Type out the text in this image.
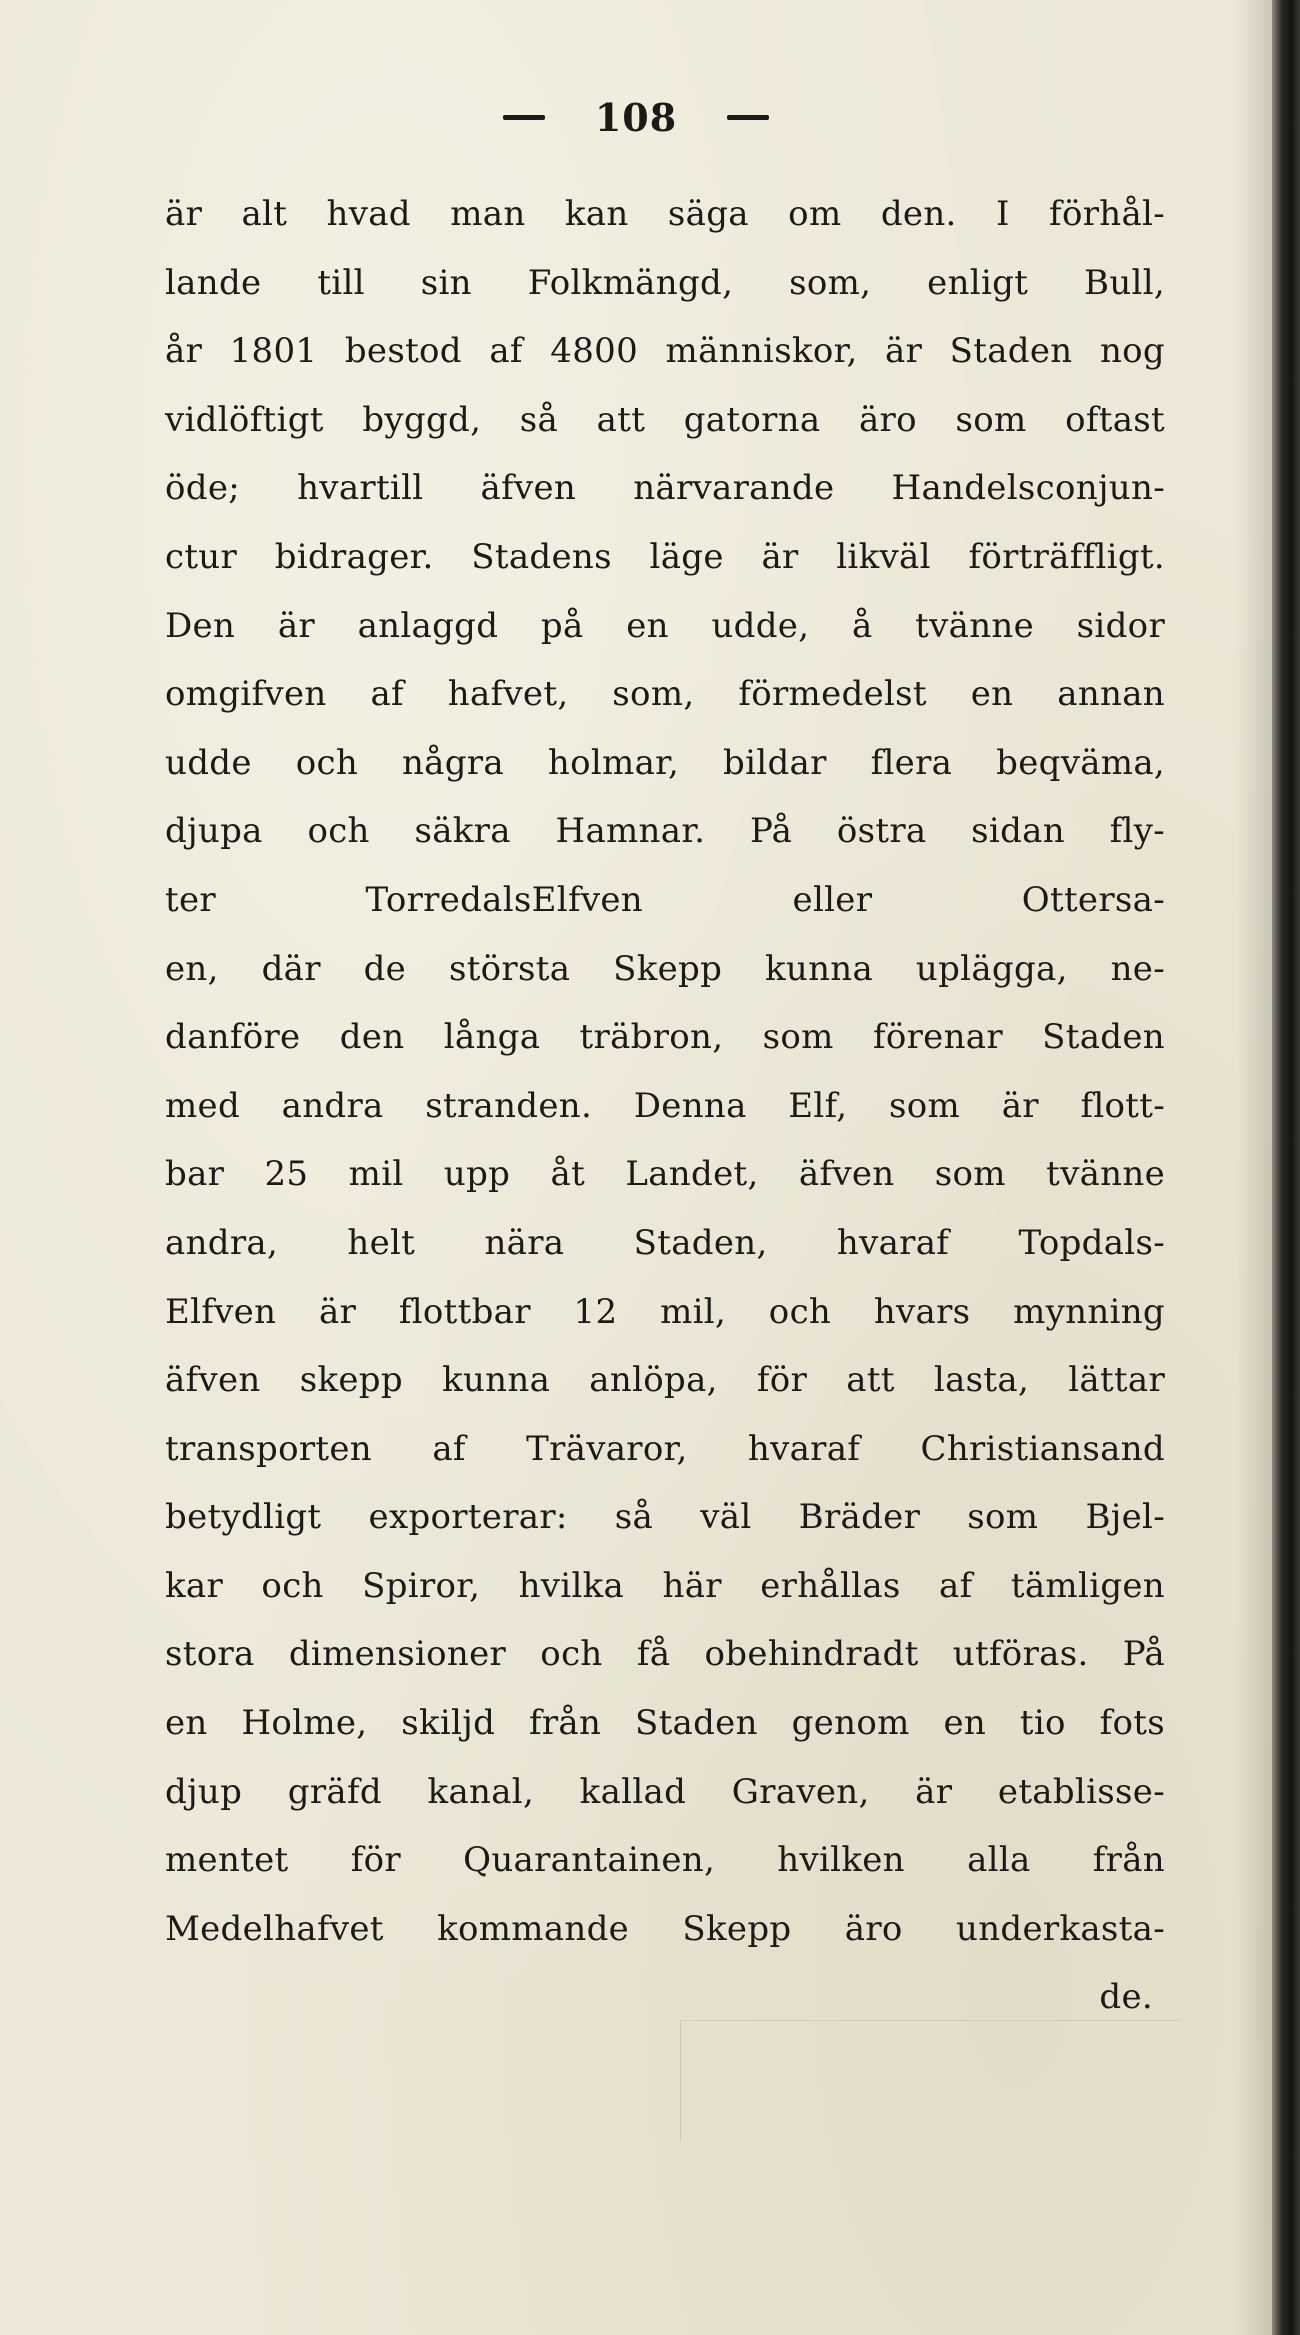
108
är alt hvad man kan säga om den. I förhål-
lande till sin Folkmängd, som, enligt Bull,
år 1801 bestod af 4800 människor, är Staden nog
vidlöftigt byggd, så att gatorna äro som oftast
öde; hvartill äfven närvarande Handelsconjun-
ctur bidrager. Stadens läge är likväl förträffligt.
Den är anlaggd på en udde, å tvänne sidor
omgifven af hafvet, som, förmedelst en annan
udde och några holmar, bildar flera beqväma,
djupa och säkra Hamnar. På östra sidan fly-
ter TorredalsElfven eller Ottersa-
en, där de största Skepp kunna uplägga, ne-
danföre den långa träbron, som förenar Staden
med andra stranden. Denna Elf, som är flott-
bar 25 mil upp åt Landet, äfven som tvänne
andra, helt nära Staden, hvaraf Topdals-
Elfven är flottbar 12 mil, och hvars mynning
äfven skepp kunna anlöpa, för att lasta, lättar
transporten af Trävaror, hvaraf Christiansand
betydligt exporterar: så väl Bräder som Bjel-
kar och Spiror, hvilka här erhållas af tämligen
stora dimensioner och få obehindradt utföras. På
en Holme, skiljd från Staden genom en tio fots
djup gräfd kanal, kallad Graven, är etablisse-
mentet för Quarantainen, hvilken alla från
Medelhafvet kommande Skepp äro underkasta-
de.
